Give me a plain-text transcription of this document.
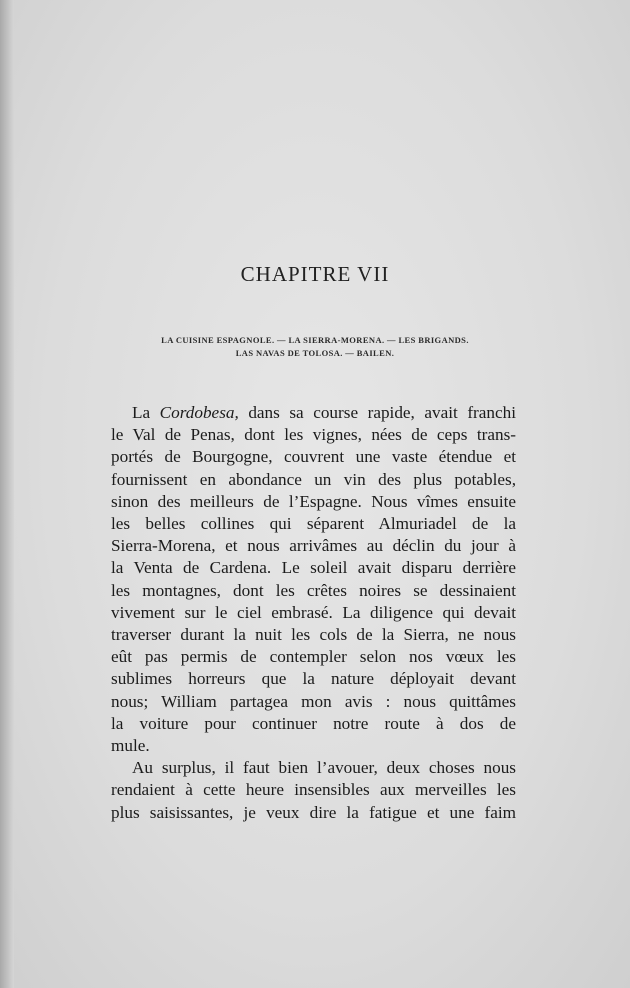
CHAPITRE VII
LA CUISINE ESPAGNOLE. — LA SIERRA-MORENA. — LES BRIGANDS.
LAS NAVAS DE TOLOSA. — BAILEN.
La Cordobesa, dans sa course rapide, avait franchi
le Val de Penas, dont les vignes, nées de ceps trans-
portés de Bourgogne, couvrent une vaste étendue et
fournissent en abondance un vin des plus potables,
sinon des meilleurs de l’Espagne. Nous vîmes ensuite
les belles collines qui séparent Almuriadel de la
Sierra-Morena, et nous arrivâmes au déclin du jour à
la Venta de Cardena. Le soleil avait disparu derrière
les montagnes, dont les crêtes noires se dessinaient
vivement sur le ciel embrasé. La diligence qui devait
traverser durant la nuit les cols de la Sierra, ne nous
eût pas permis de contempler selon nos vœux les
sublimes horreurs que la nature déployait devant
nous; William partagea mon avis : nous quittâmes
la voiture pour continuer notre route à dos de
mule.
Au surplus, il faut bien l’avouer, deux choses nous
rendaient à cette heure insensibles aux merveilles les
plus saisissantes, je veux dire la fatigue et une faim
